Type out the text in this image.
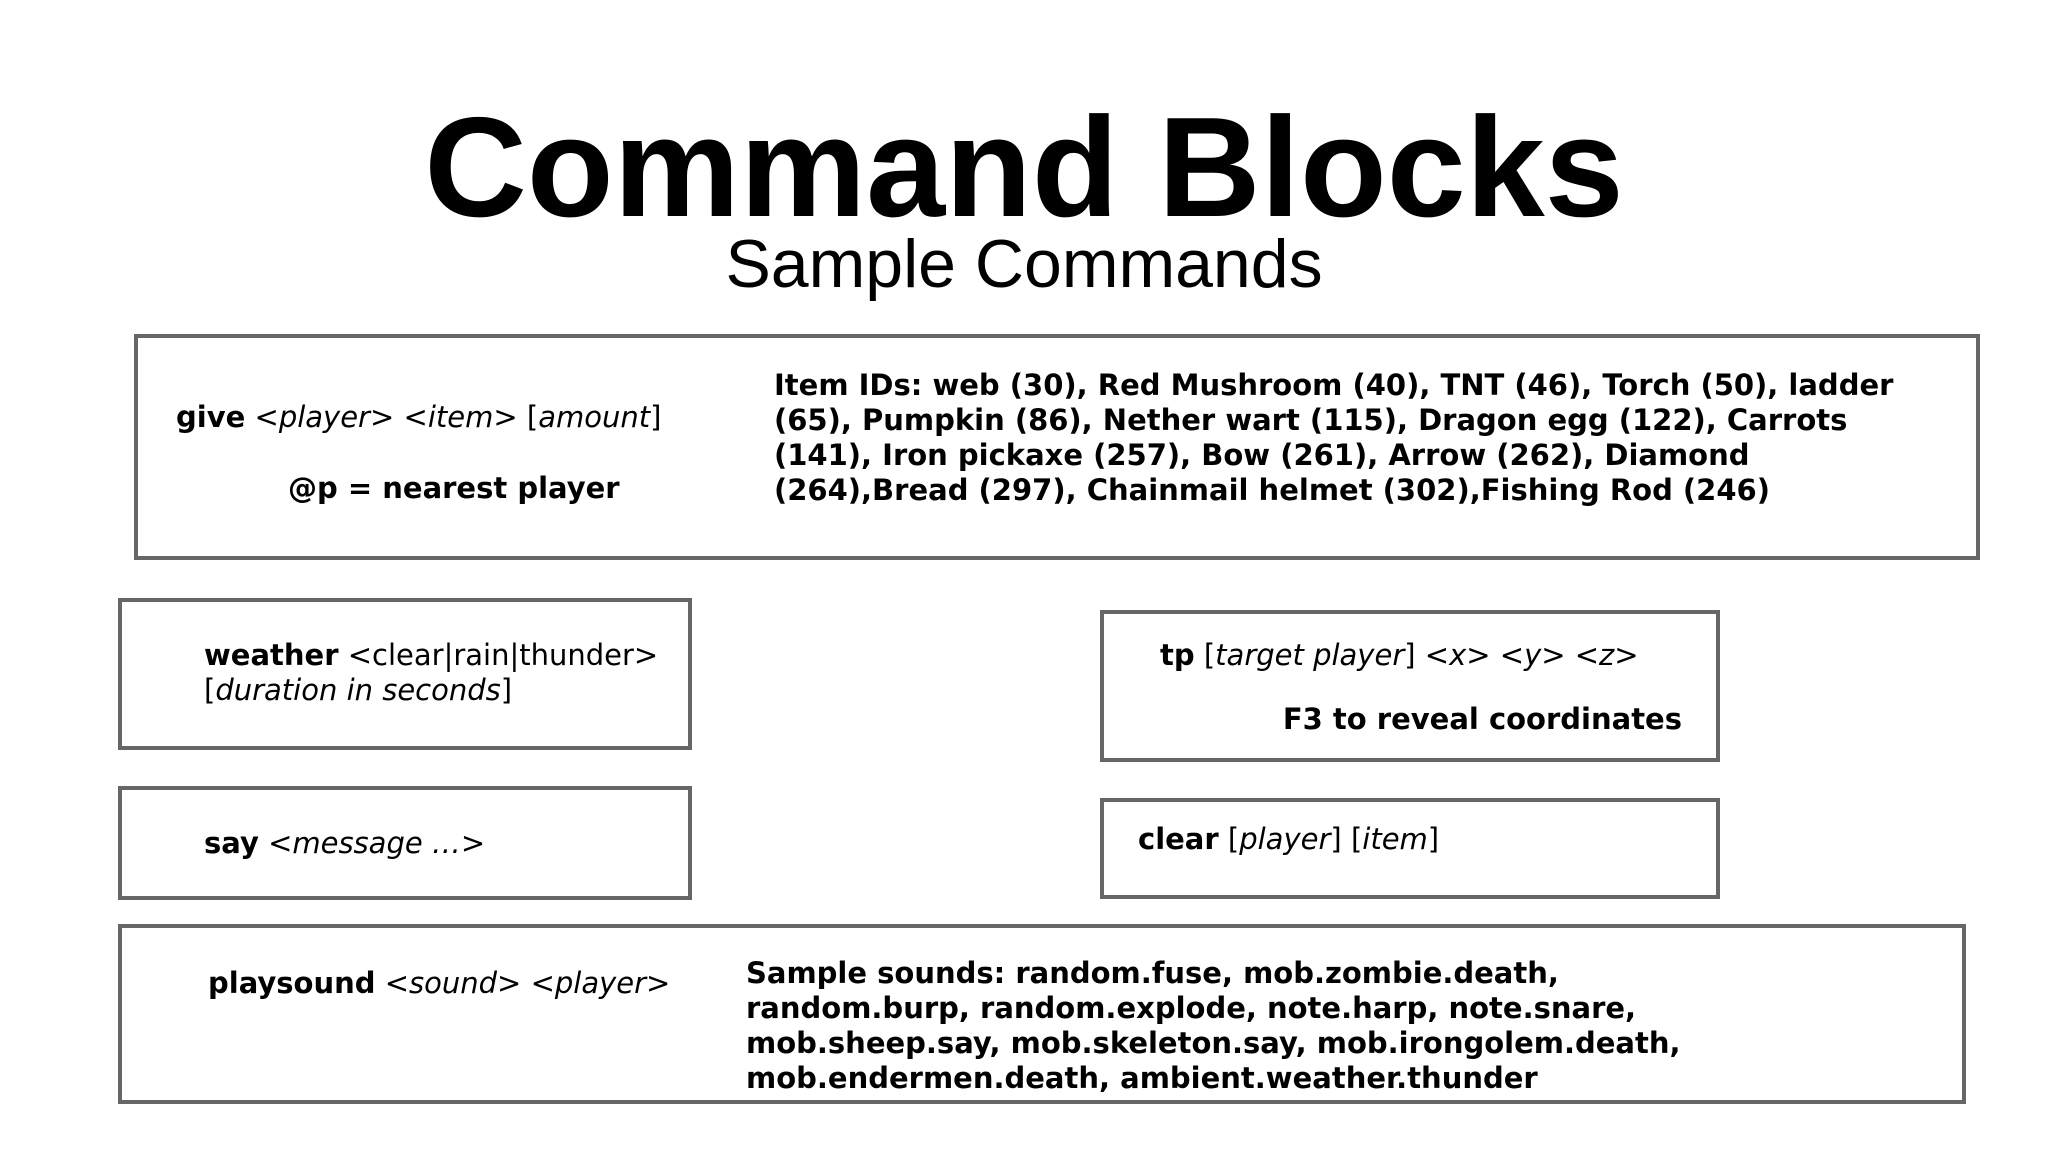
Command Blocks
Sample Commands
give <player> <item> [amount]
@p = nearest player
Item IDs: web (30), Red Mushroom (40), TNT (46), Torch (50), ladder (65), Pumpkin (86), Nether wart (115), Dragon egg (122), Carrots (141), Iron pickaxe (257), Bow (261), Arrow (262), Diamond (264),Bread (297), Chainmail helmet (302),Fishing Rod (246)
weather <clear|rain|thunder> [duration in seconds]
tp [target player] <x> <y> <z>
F3 to reveal coordinates
say <message …>	clear [player] [item]
playsound <sound> <player>	Sample sounds: random.fuse, mob.zombie.death, random.burp, random.explode, note.harp, note.snare, mob.sheep.say, mob.skeleton.say, mob.irongolem.death, mob.endermen.death, ambient.weather.thunder
